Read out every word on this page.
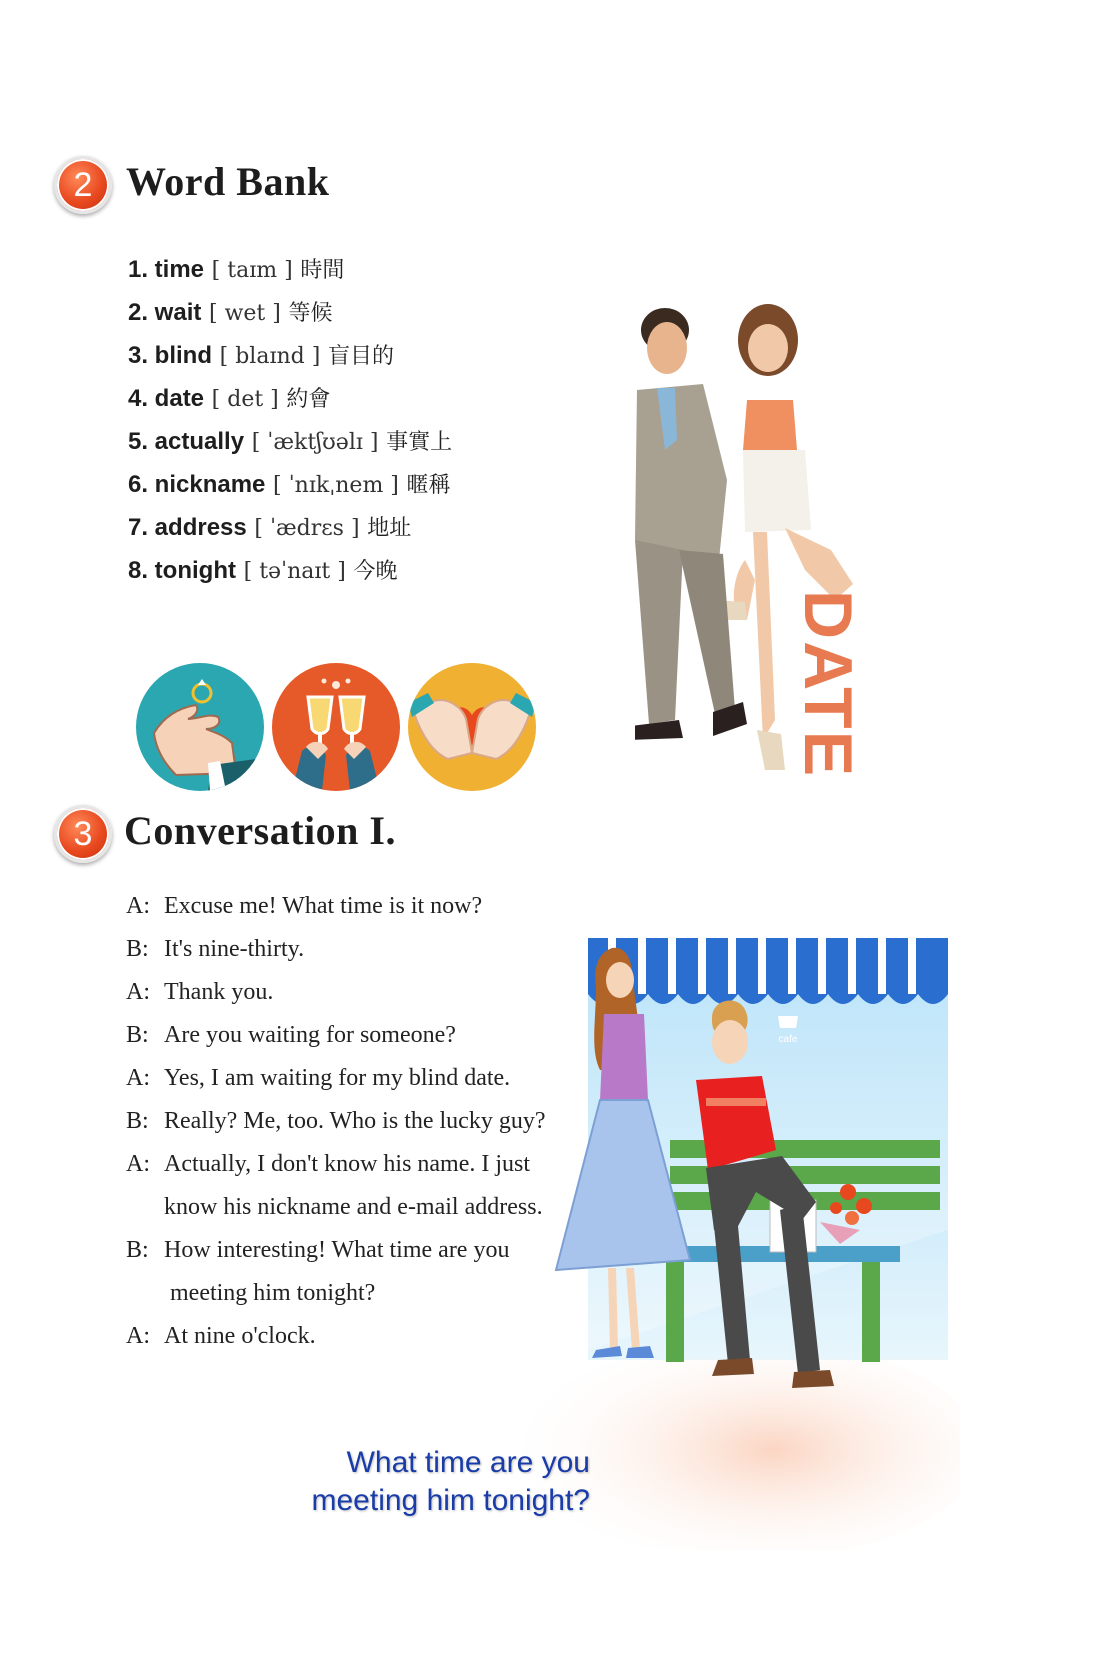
2 Word Bank
1. time [ taɪm ] 時間
2. wait [ wet ] 等候
3. blind [ blaɪnd ] 盲目的
4. date [ det ] 約會
5. actually [ ˈæktʃʊəlɪ ] 事實上
6. nickname [ ˈnɪkˌnem ] 暱稱
7. address [ ˈædrɛs ] 地址
8. tonight [ təˈnaɪt ] 今晚
DATE
3 Conversation I.
cafe
A: Excuse me! What time is it now?
B: It's nine-thirty.
A: Thank you.
B: Are you waiting for someone?
A: Yes, I am waiting for my blind date.
B: Really? Me, too. Who is the lucky guy?
A: Actually, I don't know his name. I just
know his nickname and e-mail address.
B: How interesting! What time are you
meeting him tonight?
A: At nine o'clock.
What time are you
meeting him tonight?
